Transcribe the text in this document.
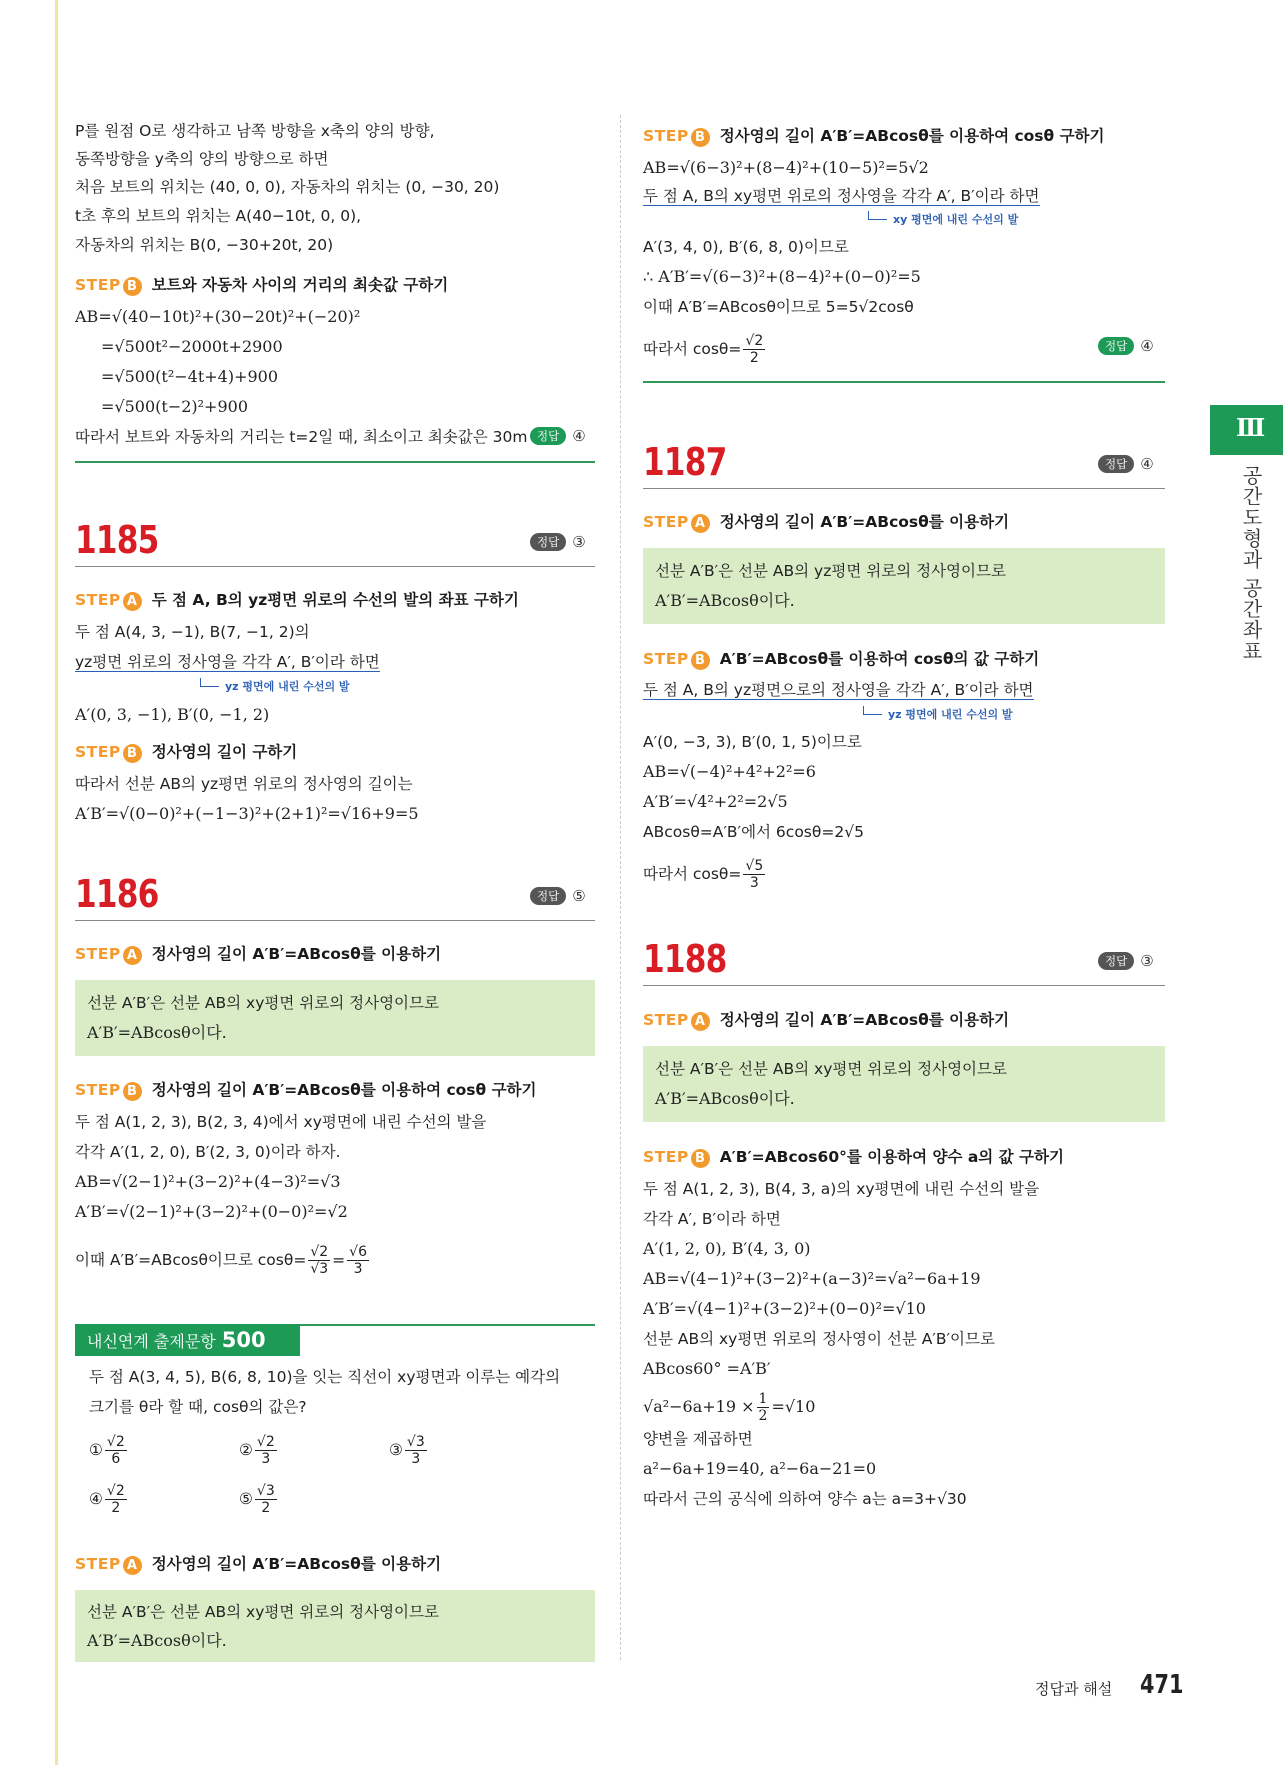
Ⅲ
공간도형과 공간좌표
P를 원점 O로 생각하고 남쪽 방향을 x축의 양의 방향,
동쪽방향을 y축의 양의 방향으로 하면
처음 보트의 위치는 (40, 0, 0), 자동차의 위치는 (0, −30, 20)
t초 후의 보트의 위치는 A(40−10t, 0, 0),
자동차의 위치는 B(0, −30+20t, 20)
STEP B 보트와 자동차 사이의 거리의 최솟값 구하기
AB=√(40−10t)²+(30−20t)²+(−20)²
=√500t²−2000t+2900
=√500(t²−4t+4)+900
=√500(t−2)²+900
따라서 보트와 자동차의 거리는 t=2일 때, 최소이고 최솟값은 30m 정답 ④
1185	정답 ③
STEP A 두 점 A, B의 yz평면 위로의 수선의 발의 좌표 구하기
두 점 A(4, 3, −1), B(7, −1, 2)의
yz평면 위로의 정사영을 각각 A′, B′이라 하면
yz 평면에 내린 수선의 발
A′(0, 3, −1), B′(0, −1, 2)
STEP B 정사영의 길이 구하기
따라서 선분 AB의 yz평면 위로의 정사영의 길이는
A′B′=√(0−0)²+(−1−3)²+(2+1)²=√16+9=5
1186	정답 ⑤
STEP A 정사영의 길이 A′B′=ABcosθ를 이용하기
선분 A′B′은 선분 AB의 xy평면 위로의 정사영이므로
A′B′=ABcosθ이다.
STEP B 정사영의 길이 A′B′=ABcosθ를 이용하여 cosθ 구하기
두 점 A(1, 2, 3), B(2, 3, 4)에서 xy평면에 내린 수선의 발을
각각 A′(1, 2, 0), B′(2, 3, 0)이라 하자.
AB=√(2−1)²+(3−2)²+(4−3)²=√3
A′B′=√(2−1)²+(3−2)²+(0−0)²=√2
이때 A′B′=ABcosθ이므로 $\cos\theta= \frac{√2}{√3} = \frac{√6}{3}$
내신연계 출제문항 500
두 점 A(3, 4, 5), B(6, 8, 10)을 잇는 직선이 xy평면과 이루는 예각의
크기를 θ라 할 때, cosθ의 값은?
① $\frac{√2}{6}$	② $\frac{√2}{3}$	③ $\frac{√3}{3}$
④ $\frac{√2}{2}$	⑤ $\frac{√3}{2}$
STEP A 정사영의 길이 A′B′=ABcosθ를 이용하기
선분 A′B′은 선분 AB의 xy평면 위로의 정사영이므로
A′B′=ABcosθ이다.
STEP B 정사영의 길이 A′B′=ABcosθ를 이용하여 cosθ 구하기
AB=√(6−3)²+(8−4)²+(10−5)²=5√2
두 점 A, B의 xy평면 위로의 정사영을 각각 A′, B′이라 하면
xy 평면에 내린 수선의 발
A′(3, 4, 0), B′(6, 8, 0)이므로
∴ A′B′=√(6−3)²+(8−4)²+(0−0)²=5
이때 A′B′=ABcosθ이므로 5=5√2cosθ
따라서 $\cos\theta= \frac{√2}{2}$	정답 ④
1187	정답 ④
STEP A 정사영의 길이 A′B′=ABcosθ를 이용하기
선분 A′B′은 선분 AB의 yz평면 위로의 정사영이므로
A′B′=ABcosθ이다.
STEP B A′B′=ABcosθ를 이용하여 cosθ의 값 구하기
두 점 A, B의 yz평면으로의 정사영을 각각 A′, B′이라 하면
yz 평면에 내린 수선의 발
A′(0, −3, 3), B′(0, 1, 5)이므로
AB=√(−4)²+4²+2²=6
A′B′=√4²+2²=2√5
ABcosθ=A′B′에서 6cosθ=2√5
따라서 $\cos\theta= \frac{√5}{3}$
1188	정답 ③
STEP A 정사영의 길이 A′B′=ABcosθ를 이용하기
선분 A′B′은 선분 AB의 xy평면 위로의 정사영이므로
A′B′=ABcosθ이다.
STEP B A′B′=ABcos60°를 이용하여 양수 a의 값 구하기
두 점 A(1, 2, 3), B(4, 3, a)의 xy평면에 내린 수선의 발을
각각 A′, B′이라 하면
A′(1, 2, 0), B′(4, 3, 0)
AB=√(4−1)²+(3−2)²+(a−3)²=√a²−6a+19
A′B′=√(4−1)²+(3−2)²+(0−0)²=√10
선분 AB의 xy평면 위로의 정사영이 선분 A′B′이므로
ABcos60° =A′B′
$√a^2-6a+19 \times \frac{1}{2} =√10$
양변을 제곱하면
a²−6a+19=40, a²−6a−21=0
따라서 근의 공식에 의하여 양수 a는 a=3+√30
정답과 해설 471
